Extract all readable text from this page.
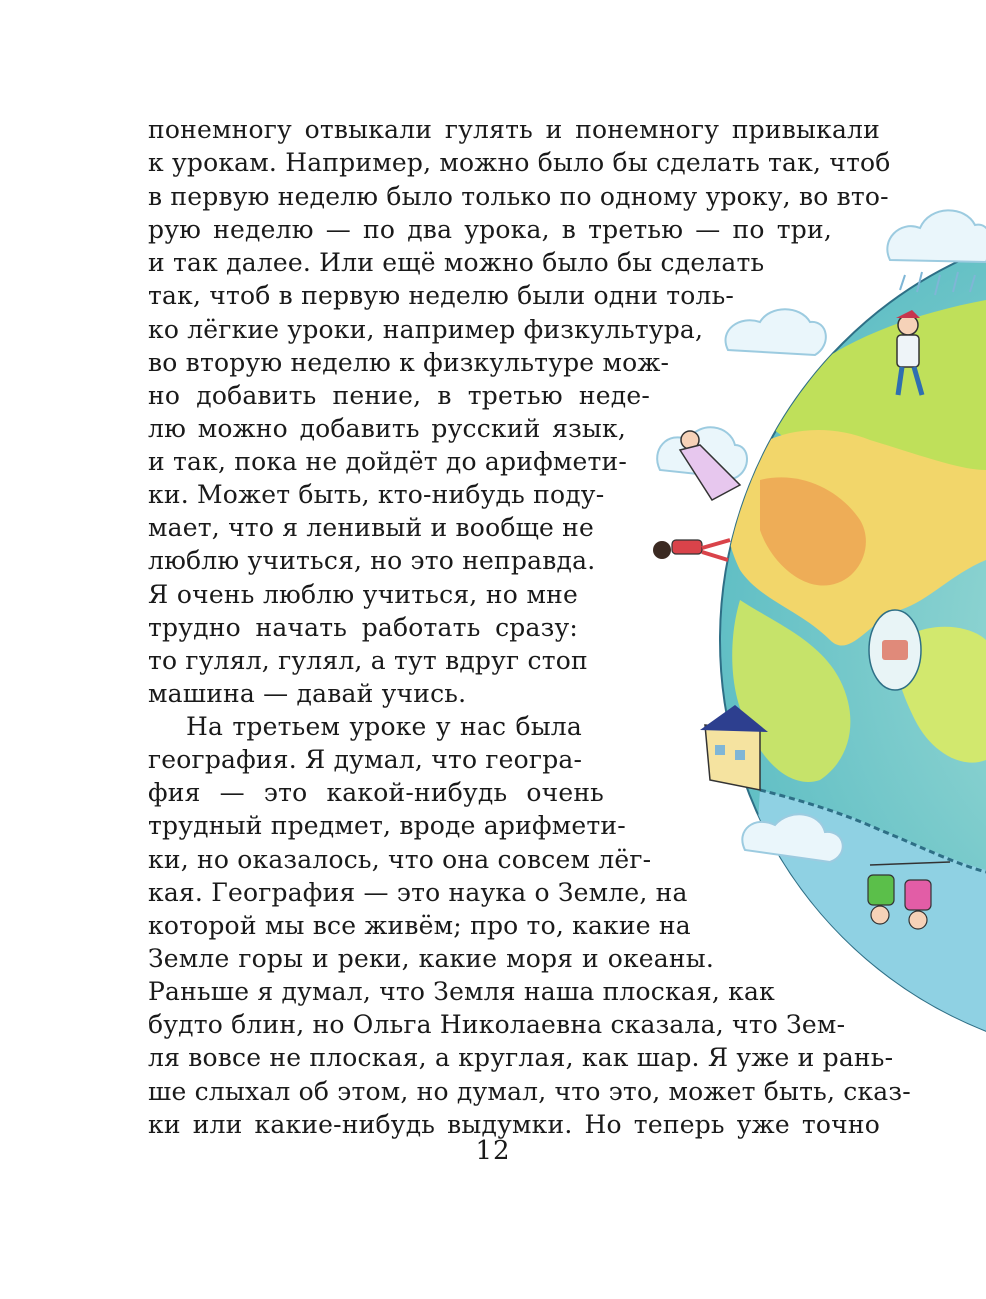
понемногу отвыкали гулять и понемногу привыкали
к урокам. Например, можно было бы сделать так, чтоб
в первую неделю было только по одному уроку, во вто-
рую неделю — по два урока, в третью — по три,
и так далее. Или ещё можно было бы сделать
так, чтоб в первую неделю были одни толь-
ко лёгкие уроки, например физкультура,
во вторую неделю к физкультуре мож-
но добавить пение, в третью неде-
лю можно добавить русский язык,
и так, пока не дойдёт до арифмети-
ки. Может быть, кто-нибудь поду-
мает, что я ленивый и вообще не
люблю учиться, но это неправда.
Я очень люблю учиться, но мне
трудно начать работать сразу:
то гулял, гулял, а тут вдруг стоп
машина — давай учись.
На третьем уроке у нас была
география. Я думал, что геогра-
фия — это какой-нибудь очень
трудный предмет, вроде арифмети-
ки, но оказалось, что она совсем лёг-
кая. География — это наука о Земле, на
которой мы все живём; про то, какие на
Земле горы и реки, какие моря и океаны.
Раньше я думал, что Земля наша плоская, как
будто блин, но Ольга Николаевна сказала, что Зем-
ля вовсе не плоская, а круглая, как шар. Я уже и рань-
ше слыхал об этом, но думал, что это, может быть, сказ-
ки или какие-нибудь выдумки. Но теперь уже точно
12
